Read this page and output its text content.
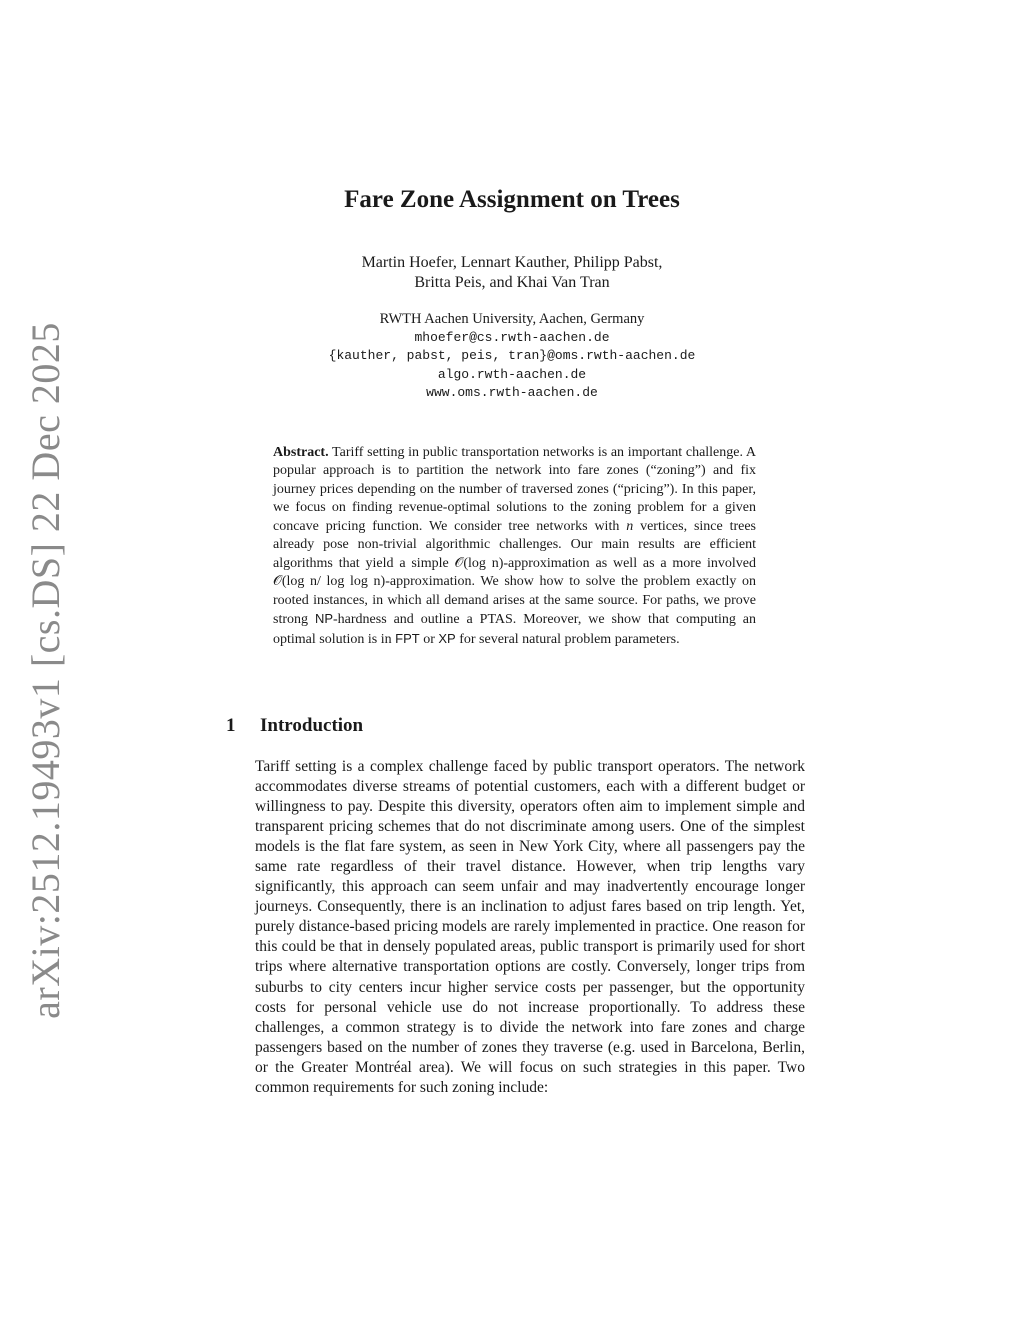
arXiv:2512.19493v1 [cs.DS] 22 Dec 2025
Fare Zone Assignment on Trees
Martin Hoefer, Lennart Kauther, Philipp Pabst,
Britta Peis, and Khai Van Tran
RWTH Aachen University, Aachen, Germany
mhoefer@cs.rwth-aachen.de
{kauther, pabst, peis, tran}@oms.rwth-aachen.de
algo.rwth-aachen.de
www.oms.rwth-aachen.de

Abstract. Tariff setting in public transportation networks is an important challenge. A popular approach is to partition the network into fare zones (“zoning”) and fix journey prices depending on the number of traversed zones (“pricing”). In this paper, we focus on finding revenue-optimal solutions to the zoning problem for a given concave pricing function. We consider tree networks with n vertices, since trees already pose non-trivial algorithmic challenges. Our main results are efficient algorithms that yield a simple 𝒪(log n)-approximation as well as a more involved 𝒪(log n/ log log n)-approximation. We show how to solve the problem exactly on rooted instances, in which all demand arises at the same source. For paths, we prove strong NP-hardness and outline a PTAS. Moreover, we show that computing an optimal solution is in FPT or XP for several natural problem parameters.

1 Introduction

Tariff setting is a complex challenge faced by public transport operators. The network accommodates diverse streams of potential customers, each with a different budget or willingness to pay. Despite this diversity, operators often aim to implement simple and transparent pricing schemes that do not discriminate among users. One of the simplest models is the flat fare system, as seen in New York City, where all passengers pay the same rate regardless of their travel distance. However, when trip lengths vary significantly, this approach can seem unfair and may inadvertently encourage longer journeys. Consequently, there is an inclination to adjust fares based on trip length. Yet, purely distance-based pricing models are rarely implemented in practice. One reason for this could be that in densely populated areas, public transport is primarily used for short trips where alternative transportation options are costly. Conversely, longer trips from suburbs to city centers incur higher service costs per passenger, but the opportunity costs for personal vehicle use do not increase proportionally. To address these challenges, a common strategy is to divide the network into fare zones and charge passengers based on the number of zones they traverse (e.g. used in Barcelona, Berlin, or the Greater Montréal area). We will focus on such strategies in this paper. Two common requirements for such zoning include:
